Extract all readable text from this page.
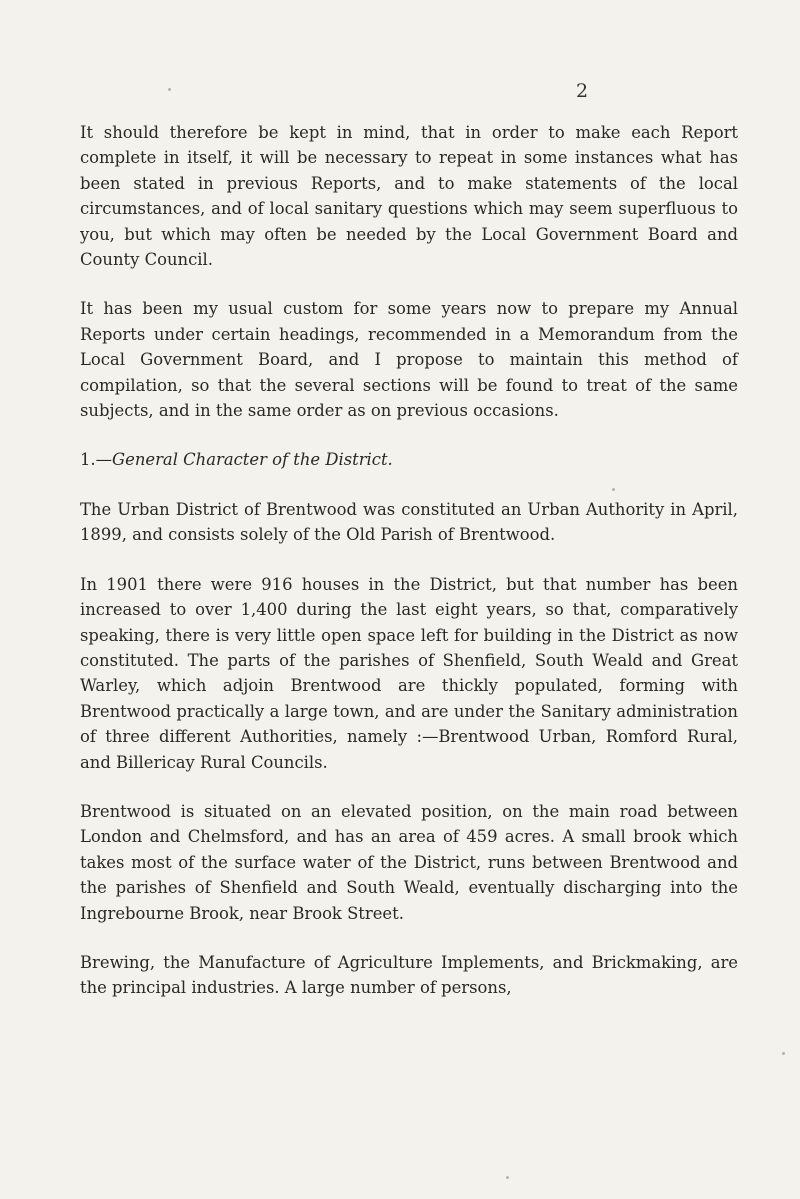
2

It should therefore be kept in mind, that in order to make each Report complete in itself, it will be necessary to repeat in some instances what has been stated in previous Reports, and to make statements of the local circumstances, and of local sanitary questions which may seem superfluous to you, but which may often be needed by the Local Government Board and County Council.

It has been my usual custom for some years now to prepare my Annual Reports under certain headings, recommended in a Memorandum from the Local Government Board, and I propose to maintain this method of compilation, so that the several sections will be found to treat of the same subjects, and in the same order as on previous occasions.

1.—General Character of the District.

The Urban District of Brentwood was constituted an Urban Authority in April, 1899, and consists solely of the Old Parish of Brentwood.

In 1901 there were 916 houses in the District, but that number has been increased to over 1,400 during the last eight years, so that, comparatively speaking, there is very little open space left for building in the District as now constituted. The parts of the parishes of Shenfield, South Weald and Great Warley, which adjoin Brentwood are thickly populated, forming with Brentwood practically a large town, and are under the Sanitary administration of three different Authorities, namely :—Brentwood Urban, Romford Rural, and Billericay Rural Councils.

Brentwood is situated on an elevated position, on the main road between London and Chelmsford, and has an area of 459 acres. A small brook which takes most of the surface water of the District, runs between Brentwood and the parishes of Shenfield and South Weald, eventually discharging into the Ingrebourne Brook, near Brook Street.

Brewing, the Manufacture of Agriculture Implements, and Brickmaking, are the principal industries. A large number of persons,
